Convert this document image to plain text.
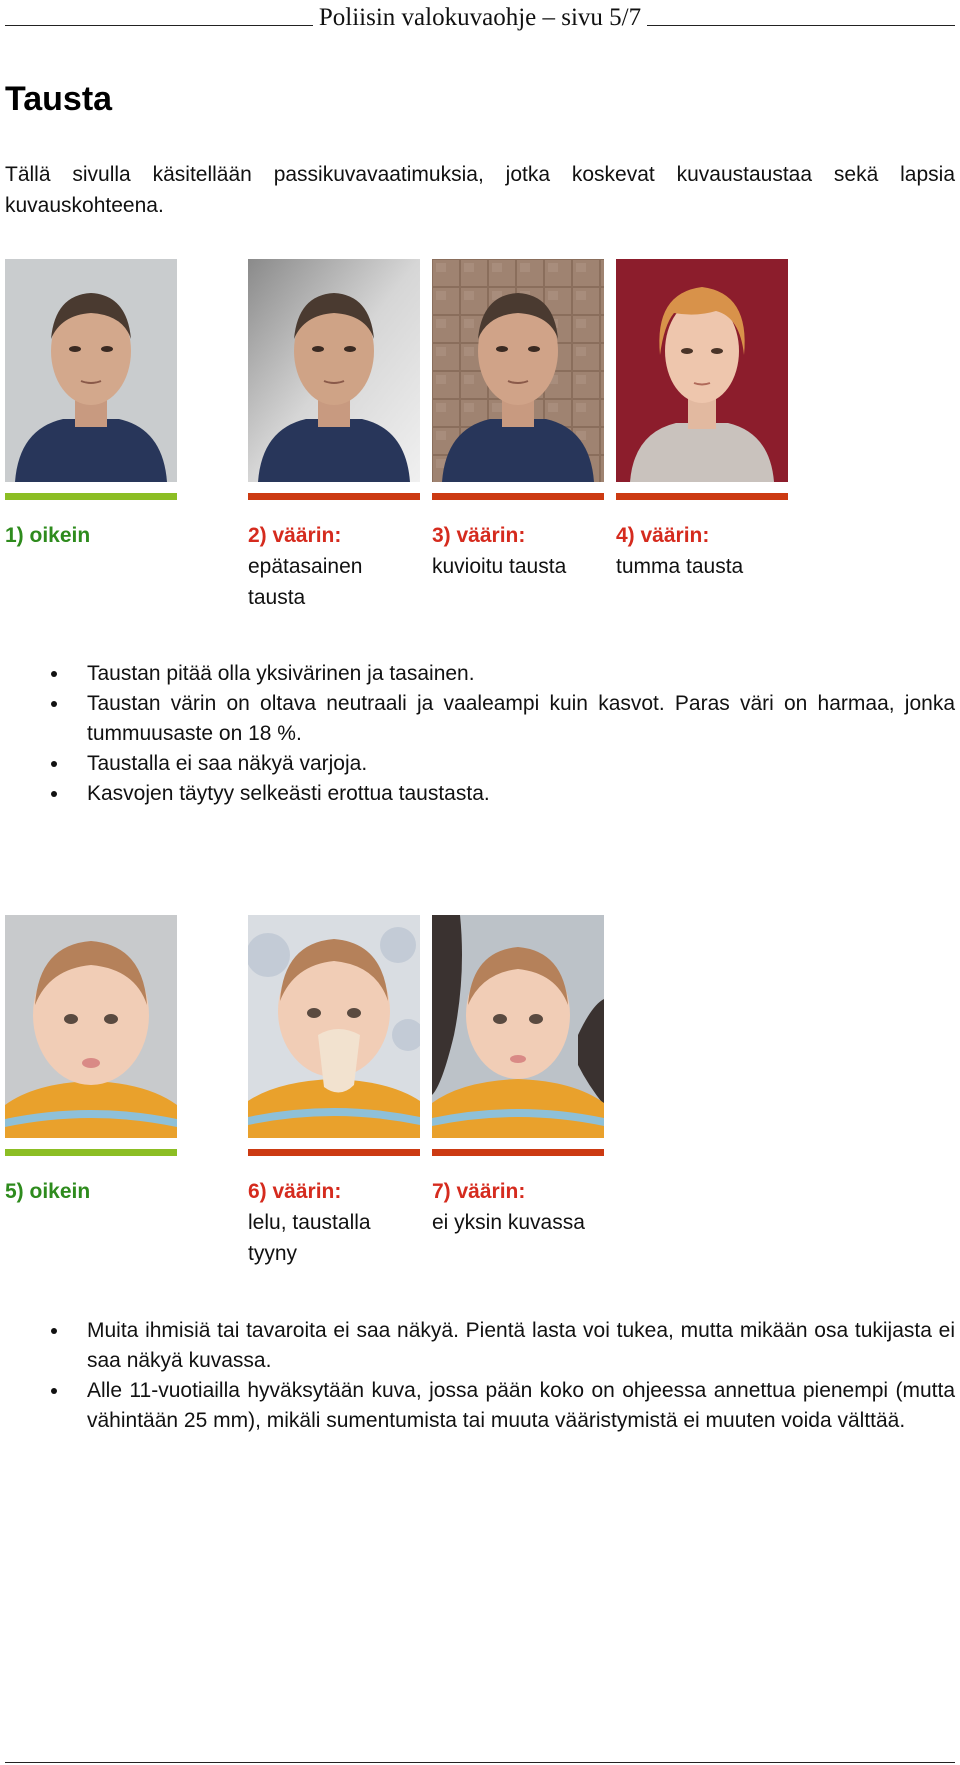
Poliisin valokuvaohje – sivu 5/7
Tausta

Tällä sivulla käsitellään passikuvavaatimuksia, jotka koskevat kuvaustaustaa sekä lapsia kuvauskohteena.

1) oikein	2) väärin:
epätasainen tausta
3) väärin:
kuvioitu tausta
4) väärin:
tumma tausta
Taustan pitää olla yksivärinen ja tasainen.
Taustan värin on oltava neutraali ja vaaleampi kuin kasvot. Paras väri on harmaa, jonka tummuusaste on 18 %.
Taustalla ei saa näkyä varjoja.
Kasvojen täytyy selkeästi erottua taustasta.
5) oikein	6) väärin:
lelu, taustalla tyyny
7) väärin:
ei yksin kuvassa
Muita ihmisiä tai tavaroita ei saa näkyä. Pientä lasta voi tukea, mutta mikään osa tukijasta ei saa näkyä kuvassa.
Alle 11-vuotiailla hyväksytään kuva, jossa pään koko on ohjeessa annettua pienempi (mutta vähintään 25 mm), mikäli sumentumista tai muuta vääristymistä ei muuten voida välttää.
